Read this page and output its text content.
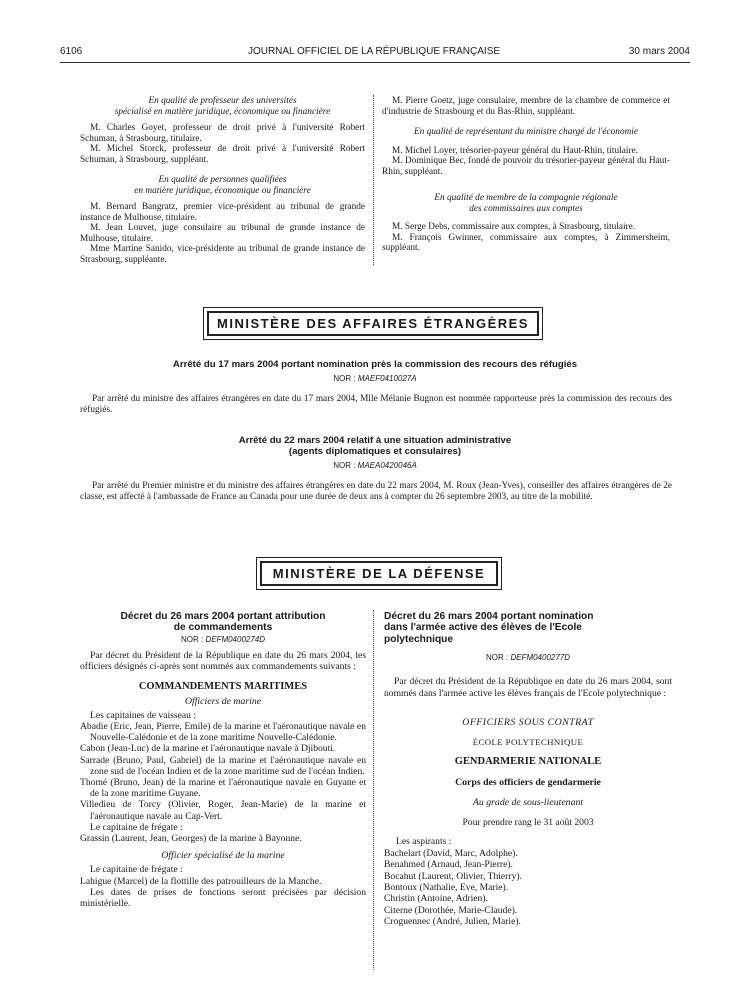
6106	JOURNAL OFFICIEL DE LA RÉPUBLIQUE FRANÇAISE	30 mars 2004

En qualité de professeur des universités

spécialisé en matière juridique, économique ou financière

M. Charles Goyet, professeur de droit privé à l'université Robert Schuman, à Strasbourg, titulaire.

M. Michel Storck, professeur de droit privé à l'université Robert Schuman, à Strasbourg, suppléant.

En qualité de personnes qualifiées

en matière juridique, économique ou financière

M. Bernard Bangratz, premier vice-président au tribunal de grande instance de Mulhouse, titulaire.

M. Jean Louvet, juge consulaire au tribunal de grande instance de Mulhouse, titulaire.

Mme Martine Sanido, vice-présidente au tribunal de grande instance de Strasbourg, suppléante.

M. Pierre Goetz, juge consulaire, membre de la chambre de commerce et d'industrie de Strasbourg et du Bas-Rhin, suppléant.

En qualité de représentant du ministre chargé de l'économie

M. Michel Loyer, trésorier-payeur général du Haut-Rhin, titulaire.

M. Dominique Bec, fondé de pouvoir du trésorier-payeur général du Haut-Rhin, suppléant.

En qualité de membre de la compagnie régionale

des commissaires aux comptes

M. Serge Debs, commissaire aux comptes, à Strasbourg, titulaire.

M. François Gwinner, commissaire aux comptes, à Zimmersheim, suppléant.

MINISTÈRE DES AFFAIRES ÉTRANGÈRES
Arrêté du 17 mars 2004 portant nomination près la commission des recours des réfugiés
NOR : MAEF0410027A
Par arrêté du ministre des affaires étrangères en date du 17 mars 2004, Mlle Mélanie Bugnon est nommée rapporteuse près la commission des recours des réfugiés.
Arrêté du 22 mars 2004 relatif à une situation administrative
(agents diplomatiques et consulaires)
NOR : MAEA0420046A
Par arrêté du Premier ministre et du ministre des affaires étrangères en date du 22 mars 2004, M. Roux (Jean-Yves), conseiller des affaires étrangères de 2e classe, est affecté à l'ambassade de France au Canada pour une durée de deux ans à compter du 26 septembre 2003, au titre de la mobilité.
MINISTÈRE DE LA DÉFENSE

Décret du 26 mars 2004 portant attribution

de commandements

NOR : DEFM0400274D

Par décret du Président de la République en date du 26 mars 2004, les officiers désignés ci-après sont nommés aux commandements suivants :

COMMANDEMENTS MARITIMES

Officiers de marine

Les capitaines de vaisseau :

Abadie (Eric, Jean, Pierre, Emile) de la marine et l'aéronautique navale en Nouvelle-Calédonie et de la zone maritime Nouvelle-Calédonie.

Cabon (Jean-Luc) de la marine et l'aéronautique navale à Djibouti.

Sarrade (Bruno, Paul, Gabriel) de la marine et l'aéronautique navale en zone sud de l'océan Indien et de la zone maritime sud de l'océan Indien.

Thomé (Bruno, Jean) de la marine et l'aéronautique navale en Guyane et de la zone maritime Guyane.

Villedieu de Torcy (Olivier, Roger, Jean-Marie) de la marine et l'aéronautique navale au Cap-Vert.

Le capitaine de frégate :

Grassin (Laurent, Jean, Georges) de la marine à Bayonne.

Officier spécialisé de la marine

Le capitaine de frégate :

Lahigue (Marcel) de la flottille des patrouilleurs de la Manche.

Les dates de prises de fonctions seront précisées par décision ministérielle.

Décret du 26 mars 2004 portant nomination

dans l'armée active des élèves de l'Ecole

polytechnique

NOR : DEFM0400277D

Par décret du Président de la République en date du 26 mars 2004, sont nommés dans l'armée active les élèves français de l'Ecole polytechnique :

OFFICIERS SOUS CONTRAT

ÉCOLE POLYTECHNIQUE

GENDARMERIE NATIONALE

Corps des officiers de gendarmerie

Au grade de sous-lieutenant

Pour prendre rang le 31 août 2003

Les aspirants :

Bachelart (David, Marc, Adolphe).

Benahmed (Arnaud, Jean-Pierre).

Bocahut (Laurent, Olivier, Thierry).

Bontoux (Nathalie, Eve, Marie).

Christin (Antoine, Adrien).

Citerne (Dorothée, Marie-Claude).

Croguennec (André, Julien, Marie).
